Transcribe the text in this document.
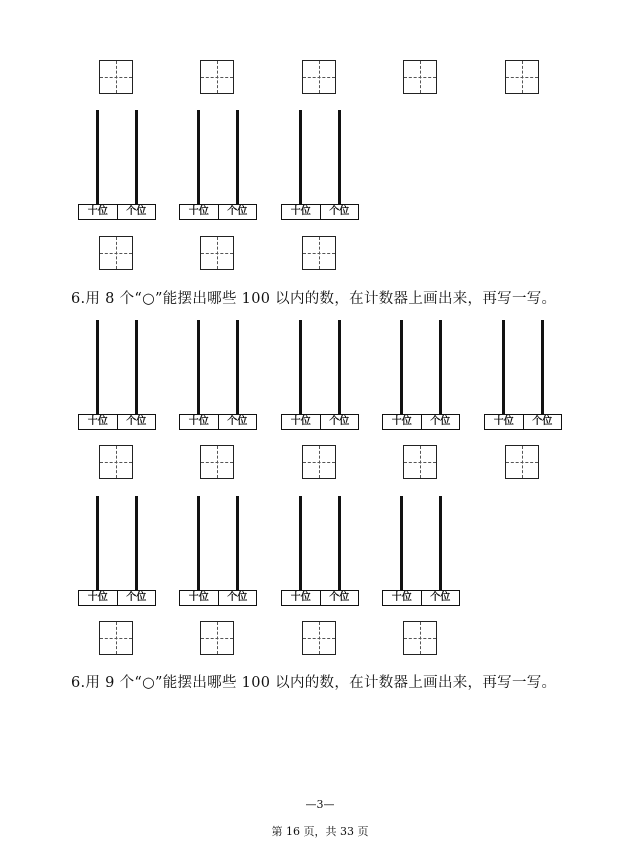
十位	个位	十位	个位	十位	个位
6.用 8 个“○”能摆出哪些 100 以内的数，在计数器上画出来，再写一写。
十位	个位	十位	个位	十位	个位	十位	个位	十位	个位
十位	个位	十位	个位	十位	个位	十位	个位
6.用 9 个“○”能摆出哪些 100 以内的数，在计数器上画出来，再写一写。
—3—
第 16 页，共 33 页
